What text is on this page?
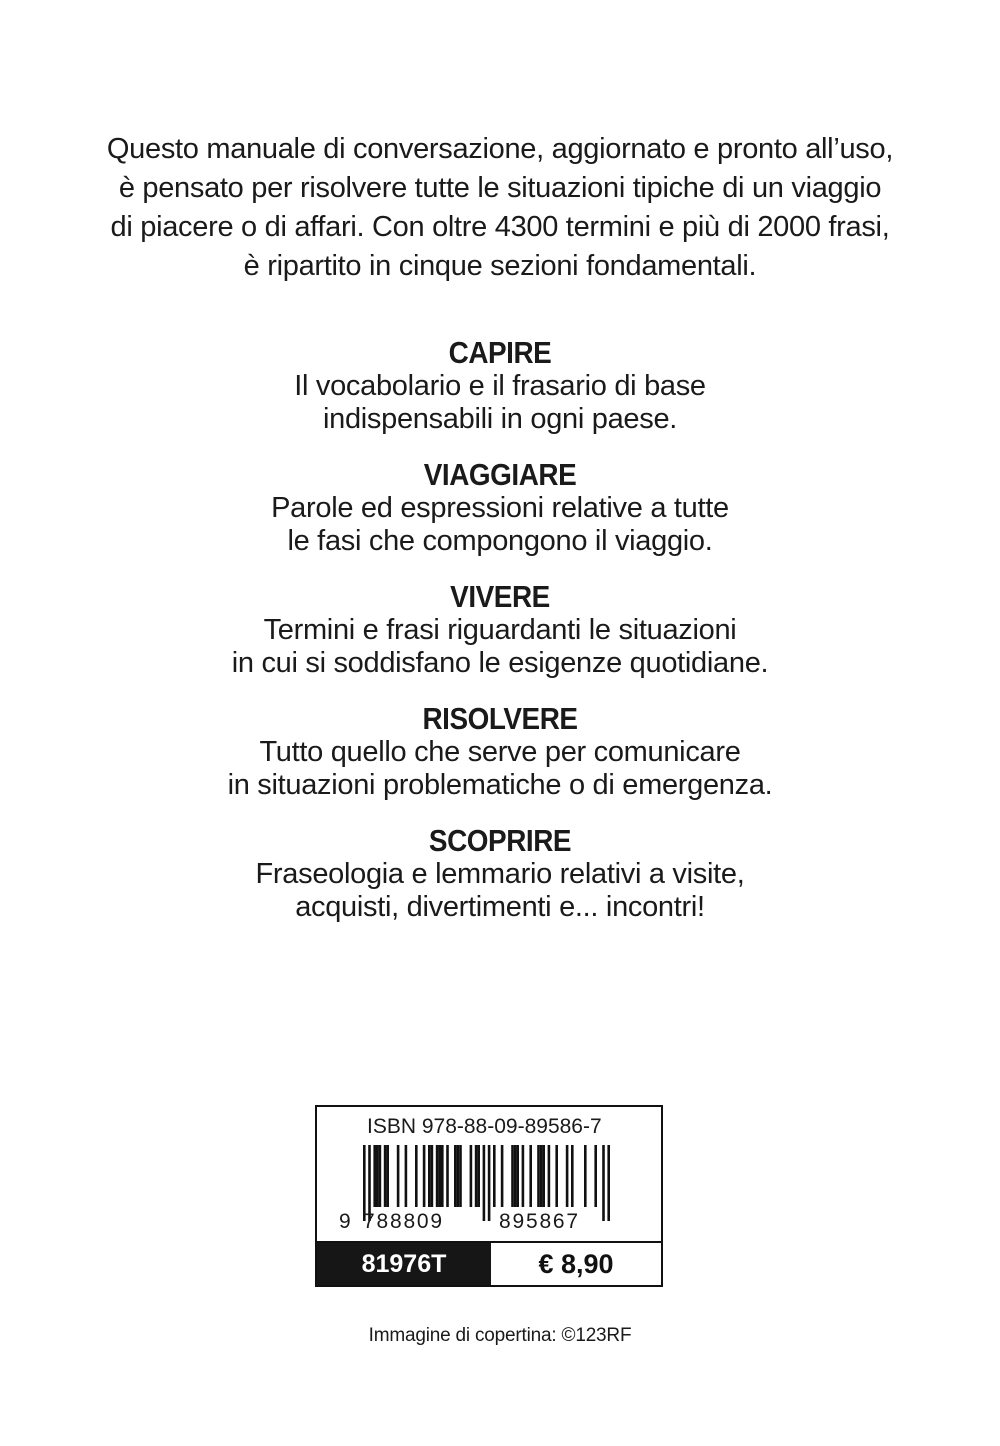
Questo manuale di conversazione, aggiornato e pronto all’uso,
è pensato per risolvere tutte le situazioni tipiche di un viaggio
di piacere o di affari. Con oltre 4300 termini e più di 2000 frasi,
è ripartito in cinque sezioni fondamentali.
CAPIRE
Il vocabolario e il frasario di base
indispensabili in ogni paese.
VIAGGIARE
Parole ed espressioni relative a tutte
le fasi che compongono il viaggio.
VIVERE
Termini e frasi riguardanti le situazioni
in cui si soddisfano le esigenze quotidiane.
RISOLVERE
Tutto quello che serve per comunicare
in situazioni problematiche o di emergenza.
SCOPRIRE
Fraseologia e lemmario relativi a visite,
acquisti, divertimenti e... incontri!
ISBN 978-88-09-89586-7
9 788809	895867
81976T	€ 8,90
Immagine di copertina: ©123RF
